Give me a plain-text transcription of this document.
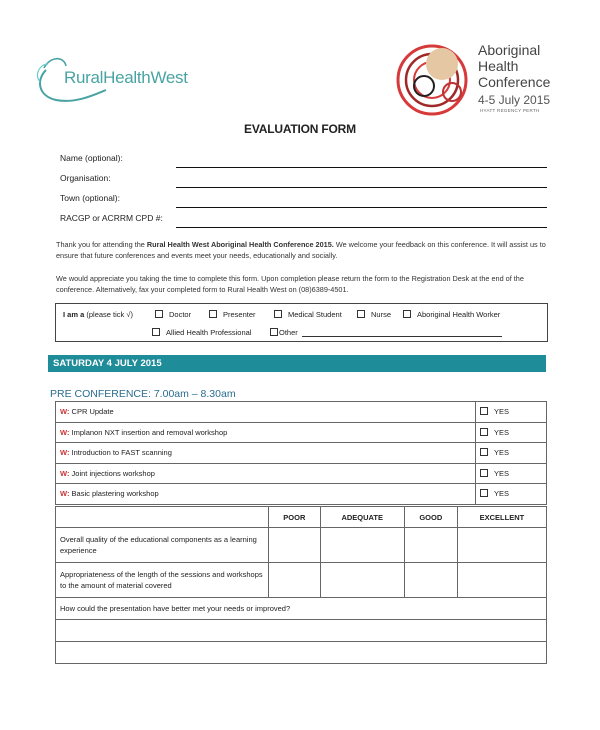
RuralHealthWest
Aboriginal
Health
Conference
4-5 July 2015
HYATT REGENCY PERTH
EVALUATION FORM
Name (optional):
Organisation:
Town (optional):
RACGP or ACRRM CPD #:
Thank you for attending the Rural Health West Aboriginal Health Conference 2015. We welcome your feedback on this conference. It will assist us to ensure that future conferences and events meet your needs, educationally and socially.
We would appreciate you taking the time to complete this form. Upon completion please return the form to the Registration Desk at the end of the conference. Alternatively, fax your completed form to Rural Health West on (08)6389-4501.
I am a (please tick √)	Doctor	Presenter	Medical Student	Nurse	Aboriginal Health Worker
Allied Health Professional	Other
SATURDAY 4 JULY 2015
PRE CONFERENCE: 7.00am – 8.30am
W: CPR Update	YES
W: Implanon NXT insertion and removal workshop	YES
W: Introduction to FAST scanning	YES
W: Joint injections workshop	YES
W: Basic plastering workshop	YES
	POOR	ADEQUATE	GOOD	EXCELLENT
Overall quality of the educational components as a learning experience				
Appropriateness of the length of the sessions and workshops to the amount of material covered				
How could the presentation have better met your needs or improved?				
